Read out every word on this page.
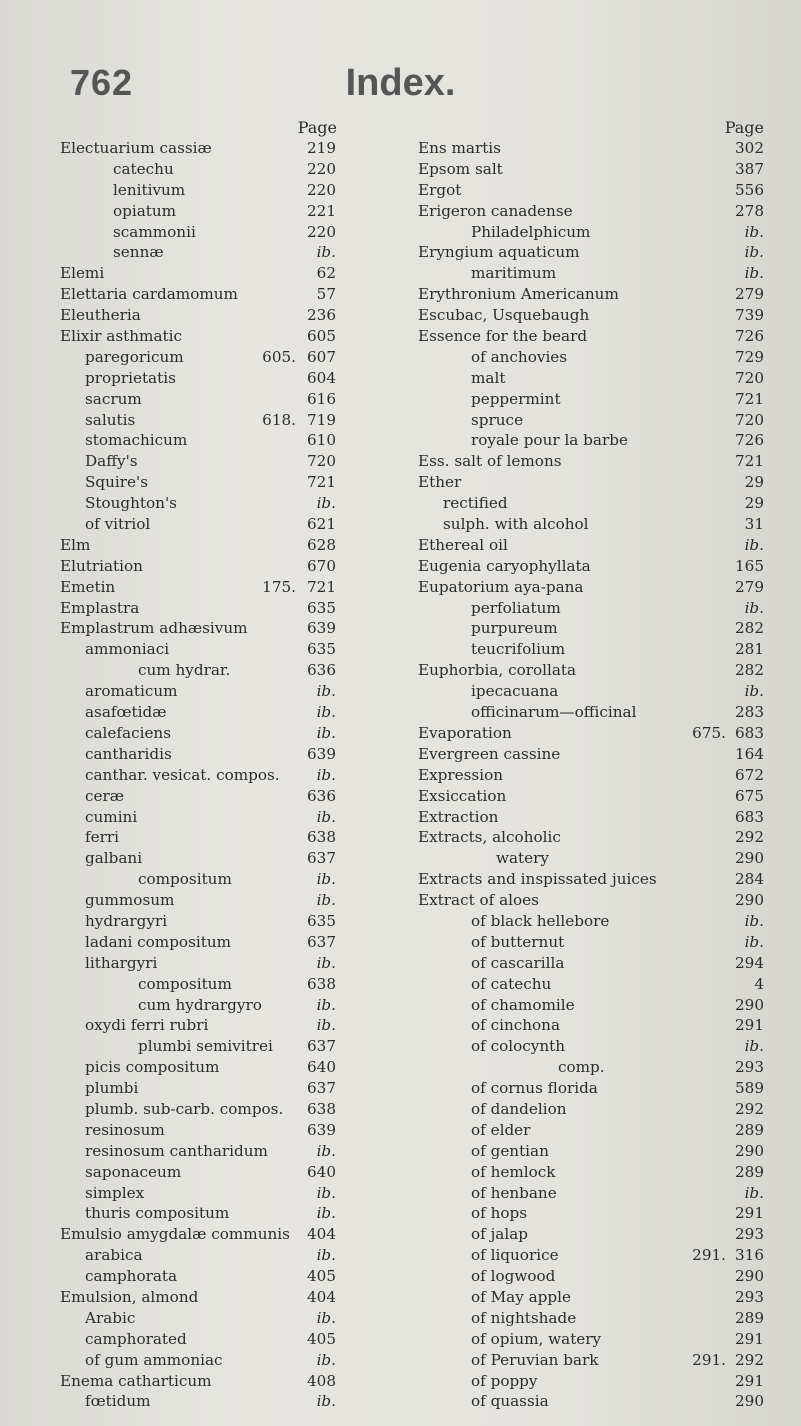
Index.
762
Page
Electuarium cassiæ	219
catechu	220
lenitivum	220
opiatum	221
scammonii	220
sennæ	ib.
Elemi	62
Elettaria cardamomum	57
Eleutheria	236
Elixir asthmatic	605
paregoricum	605. 607
proprietatis	604
sacrum	616
salutis	618. 719
stomachicum	610
Daffy's	720
Squire's	721
Stoughton's	ib.
of vitriol	621
Elm	628
Elutriation	670
Emetin	175. 721
Emplastra	635
Emplastrum adhæsivum	639
ammoniaci	635
cum hydrar.	636
aromaticum	ib.
asafœtidæ	ib.
calefaciens	ib.
cantharidis	639
canthar. vesicat. compos. ib.
ceræ	636
cumini	ib.
ferri	638
galbani	637
compositum	ib.
gummosum	ib.
hydrargyri	635
ladani compositum	637
lithargyri	ib.
compositum	638
cum hydrargyro	ib.
oxydi ferri rubri	ib.
plumbi semivitrei 637
picis compositum	640
plumbi	637
plumb. sub-carb. compos. 638
resinosum	639
resinosum cantharidum	ib.
saponaceum	640
simplex	ib.
thuris compositum	ib.
Emulsio amygdalæ communis 404
arabica	ib.
camphorata	405
Emulsion, almond	404
Arabic	ib.
camphorated	405
of gum ammoniac	ib.
Enema catharticum	408
fœtidum	ib.
Page
Ens martis	302
Epsom salt	387
Ergot	556
Erigeron canadense	278
Philadelphicum	ib.
Eryngium aquaticum	ib.
maritimum	ib.
Erythronium Americanum	279
Escubac, Usquebaugh	739
Essence for the beard	726
of anchovies	729
malt	720
peppermint	721
spruce	720
royale pour la barbe	726
Ess. salt of lemons	721
Ether	29
rectified	29
sulph. with alcohol	31
Ethereal oil	ib.
Eugenia caryophyllata	165
Eupatorium aya-pana	279
perfoliatum	ib.
purpureum	282
teucrifolium	281
Euphorbia, corollata	282
ipecacuana	ib.
officinarum—officinal	283
Evaporation	675. 683
Evergreen cassine	164
Expression	672
Exsiccation	675
Extraction	683
Extracts, alcoholic	292
watery	290
Extracts and inspissated juices	284
Extract of aloes	290
of black hellebore	ib.
of butternut	ib.
of cascarilla	294
of catechu	4
of chamomile	290
of cinchona	291
of colocynth	ib.
comp.	293
of cornus florida	589
of dandelion	292
of elder	289
of gentian	290
of hemlock	289
of henbane	ib.
of hops	291
of jalap	293
of liquorice	291. 316
of logwood	290
of May apple	293
of nightshade	289
of opium, watery	291
of Peruvian bark	291. 292
of poppy	291
of quassia	290
